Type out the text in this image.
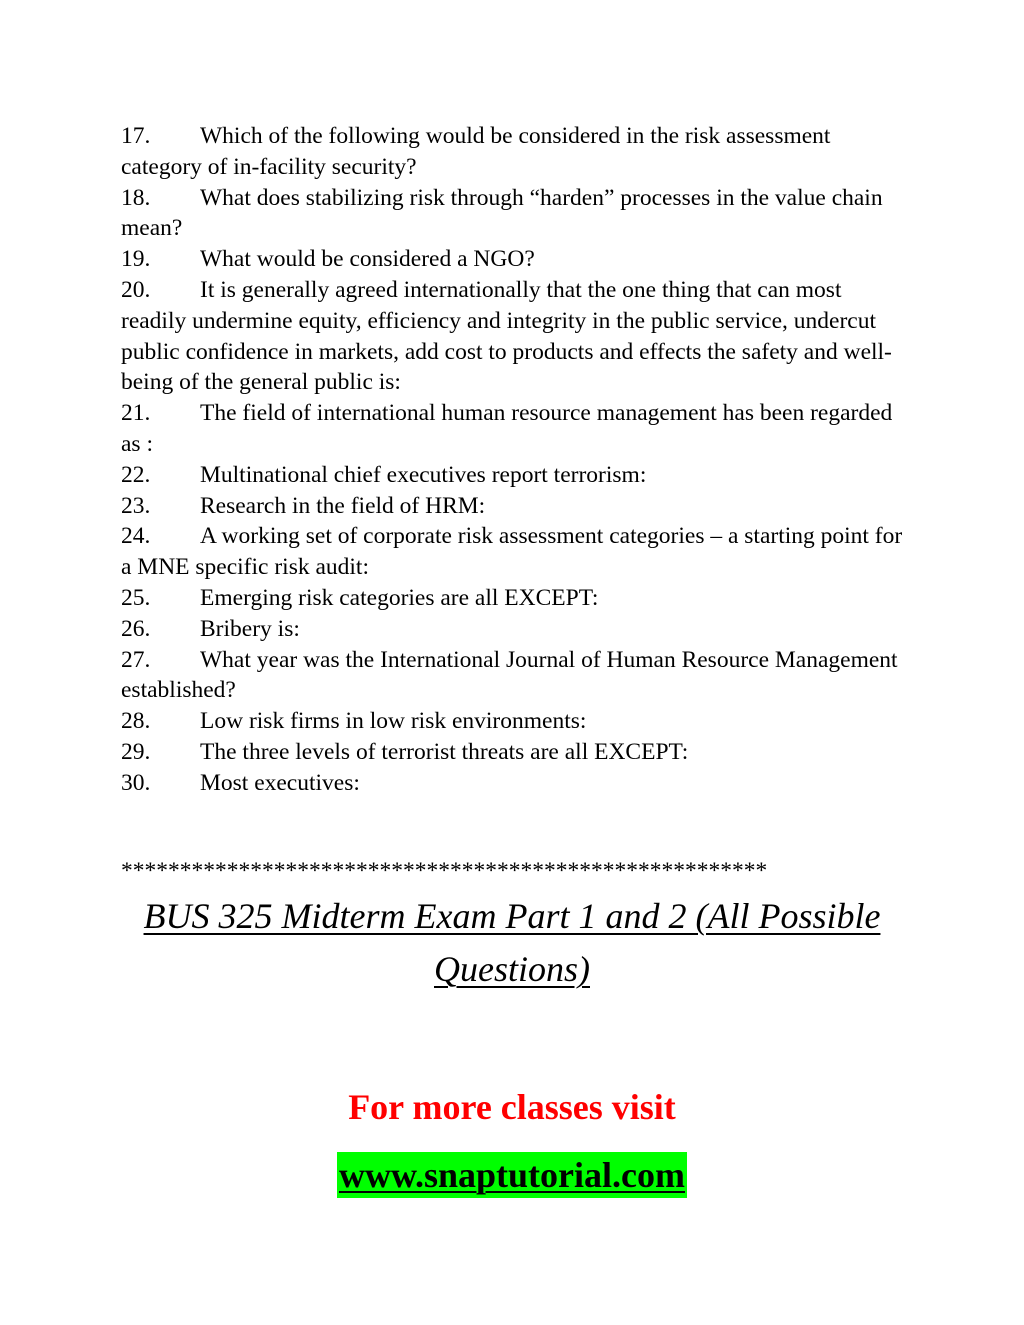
17. Which of the following would be considered in the risk assessment category of in-facility security?

18. What does stabilizing risk through “harden” processes in the value chain mean?

19. What would be considered a NGO?

20. It is generally agreed internationally that the one thing that can most readily undermine equity, efficiency and integrity in the public service, undercut public confidence in markets, add cost to products and effects the safety and well-being of the general public is:

21. The field of international human resource management has been regarded as :

22. Multinational chief executives report terrorism:

23. Research in the field of HRM:

24. A working set of corporate risk assessment categories – a starting point for a MNE specific risk audit:

25. Emerging risk categories are all EXCEPT:

26. Bribery is:

27. What year was the International Journal of Human Resource Management established?

28. Low risk firms in low risk environments:

29. The three levels of terrorist threats are all EXCEPT:

30. Most executives:

*******************************************************
BUS 325 Midterm Exam Part 1 and 2 (All Possible Questions)
For more classes visit
www.snaptutorial.com
